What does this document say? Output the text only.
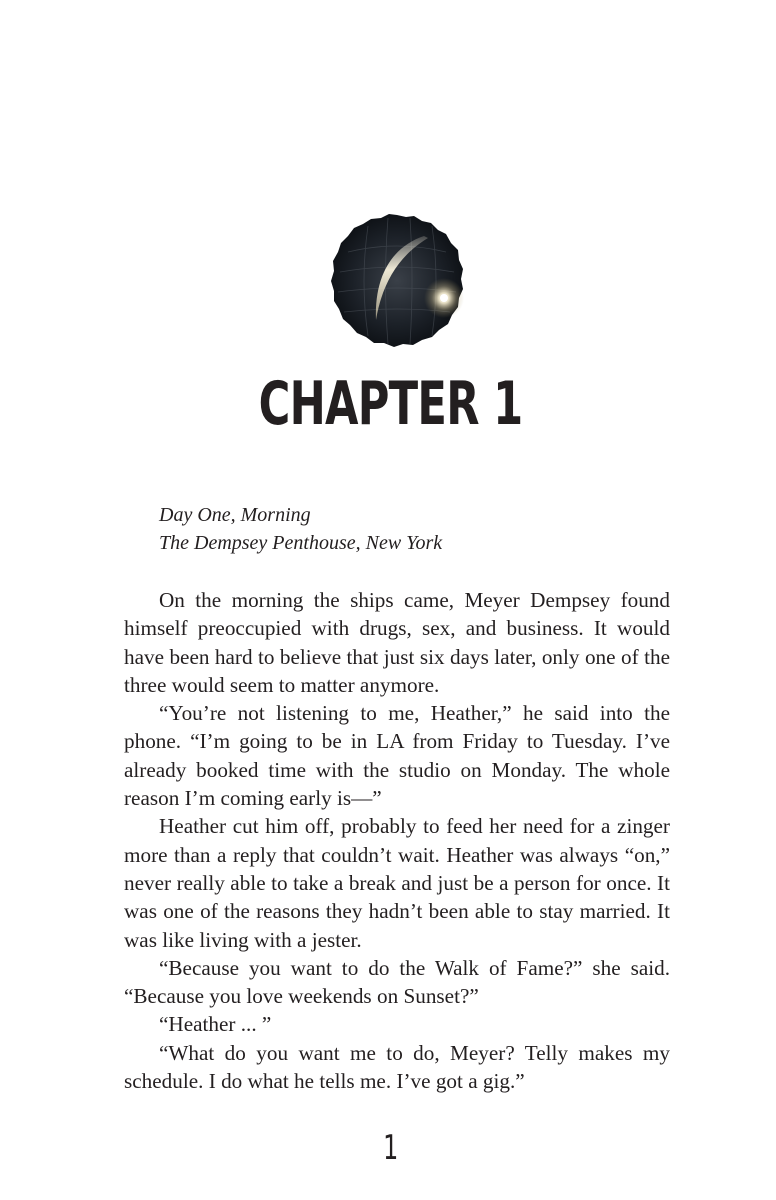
CHAPTER 1
Day One, Morning
The Dempsey Penthouse, New York

On the morning the ships came, Meyer Dempsey found himself preoccupied with drugs, sex, and business. It would have been hard to believe that just six days later, only one of the three would seem to matter anymore.

“You’re not listening to me, Heather,” he said into the phone. “I’m going to be in LA from Friday to Tuesday. I’ve already booked time with the studio on Monday. The whole reason I’m coming early is—”

Heather cut him off, probably to feed her need for a zinger more than a reply that couldn’t wait. Heather was always “on,” never really able to take a break and just be a person for once. It was one of the reasons they hadn’t been able to stay married. It was like living with a jester.

“Because you want to do the Walk of Fame?” she said. “Because you love weekends on Sunset?”

“Heather ... ”

“What do you want me to do, Meyer? Telly makes my schedule. I do what he tells me. I’ve got a gig.”

1
